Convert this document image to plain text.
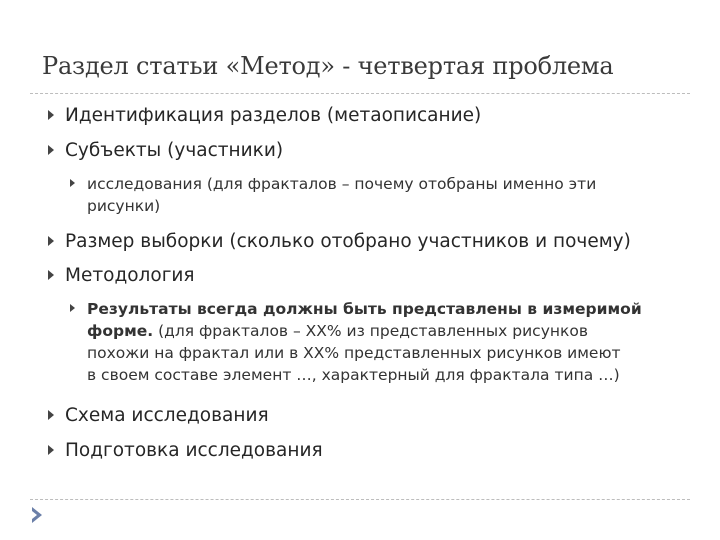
Раздел статьи «Метод» - четвертая проблема
Идентификация разделов (метаописание)
Субъекты (участники)
исследования (для фракталов – почему отобраны именно эти
рисунки)
Размер выборки (сколько отобрано участников и почему)
Методология
Результаты всегда должны быть представлены в измеримой
форме. (для фракталов – XX% из представленных рисунков
похожи на фрактал или в XX% представленных рисунков имеют
в своем составе элемент …, характерный для фрактала типа …)
Схема исследования
Подготовка исследования
